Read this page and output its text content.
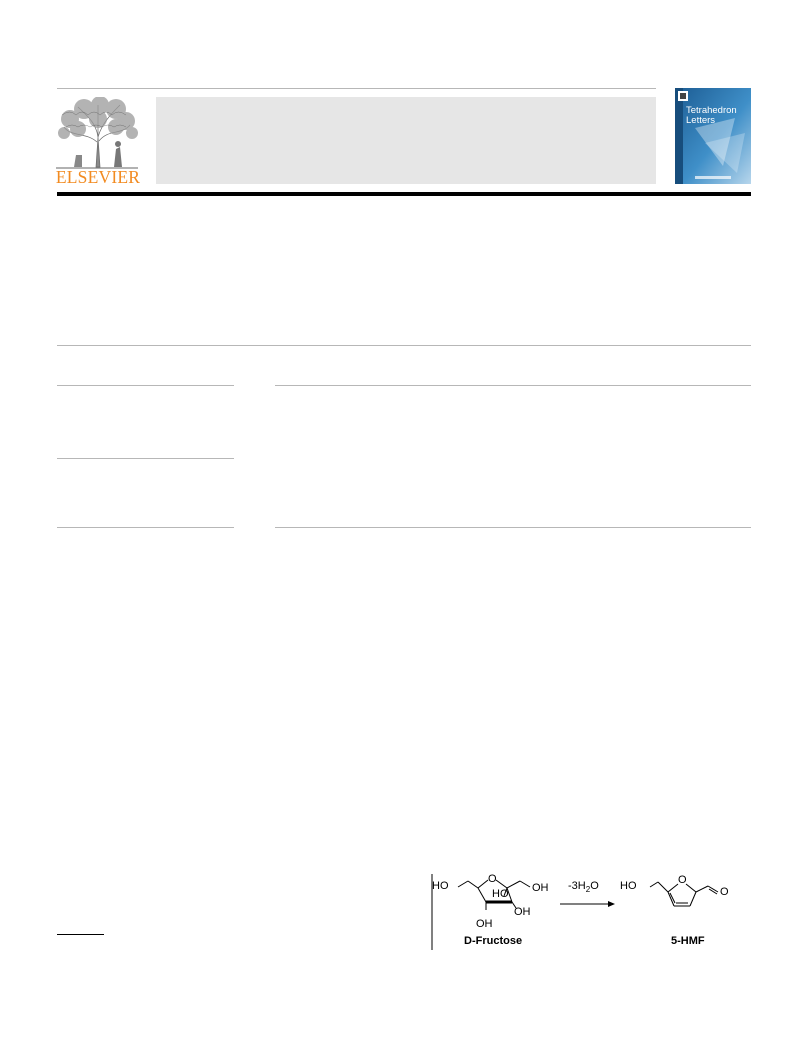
ELSEVIER
Tetrahedron
Letters
HO
O
HO OH
OH
OH
D-Fructose
$-3H_2O$ HO	O
O
5-HMF
